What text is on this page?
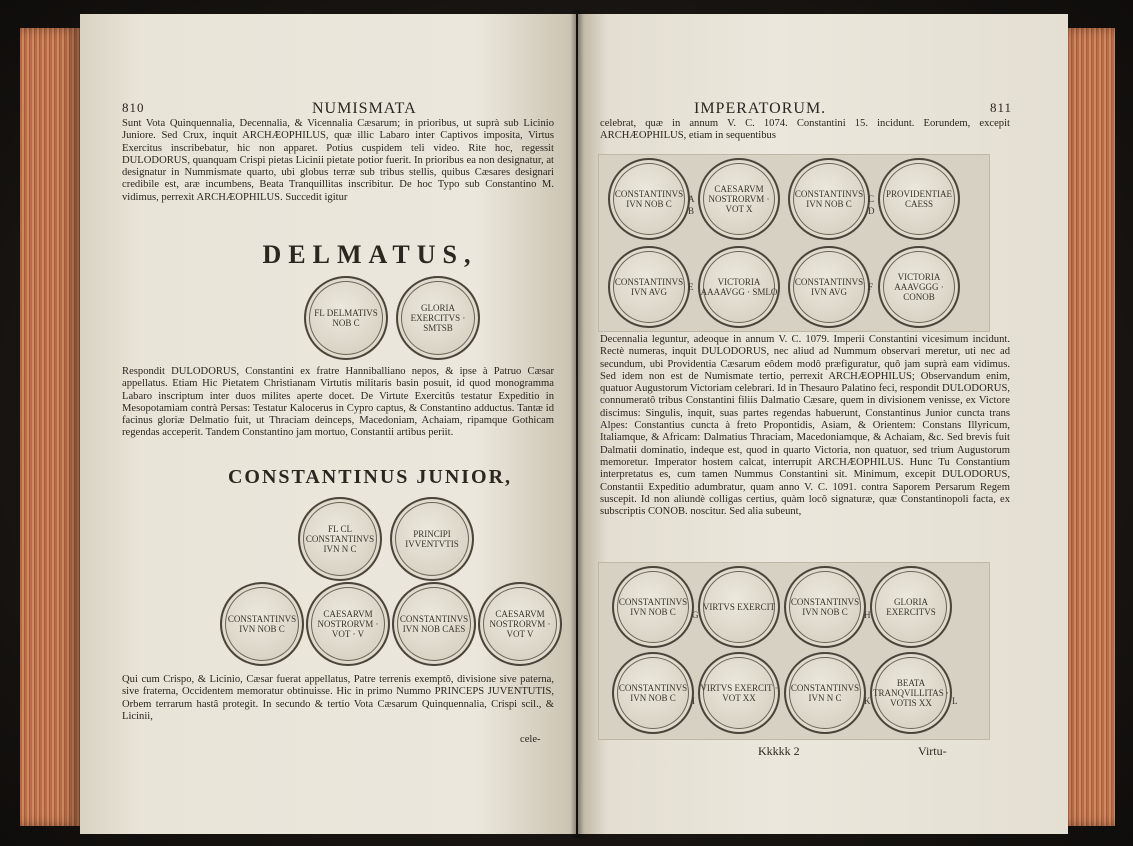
810	NUMISMATA

Sunt Vota Quinquennalia, Decennalia, & Vicennalia Cæsarum; in prioribus, ut suprà sub Licinio Juniore. Sed Crux, inquit ARCHÆOPHILUS, quæ illic Labaro inter Captivos imposita, Virtus Exercitus inscribebatur, hic non apparet. Potius cuspidem teli video. Rite hoc, regessit DULODORUS, quanquam Crispi pietas Licinii pietate potior fuerit. In prioribus ea non designatur, at designatur in Nummismate quarto, ubi globus terræ sub tribus stellis, quibus Cæsares designari credibile est, aræ incumbens, Beata Tranquillitas inscribitur. De hoc Typo sub Constantino M. vidimus, perrexit ARCHÆOPHILUS. Succedit igitur

DELMATUS,
FL DELMATIVS NOB C
GLORIA EXERCITVS · SMTSB

Respondit DULODORUS, Constantini ex fratre Hanniballiano nepos, & ipse à Patruo Cæsar appellatus. Etiam Hic Pietatem Christianam Virtutis militaris basin posuit, id quod monogramma Labaro inscriptum inter duos milites aperte docet. De Virtute Exercitûs testatur Expeditio in Mesopotamiam contrà Persas: Testatur Kalocerus in Cypro captus, & Constantino adductus. Tantæ id facinus gloriæ Delmatio fuit, ut Thraciam deinceps, Macedoniam, Achaiam, ripamque Gothicam regendas acceperit. Tandem Constantino jam mortuo, Constantii artibus periit.

CONSTANTINUS JUNIOR,
FL CL CONSTANTINVS IVN N C
PRINCIPI IVVENTVTIS
CONSTANTINVS IVN NOB C
CAESARVM NOSTRORVM · VOT · V
CONSTANTINVS IVN NOB CAES
CAESARVM NOSTRORVM · VOT V

Qui cum Crispo, & Licinio, Cæsar fuerat appellatus, Patre terrenis exemptô, divisione sive paterna, sive fraterna, Occidentem memoratur obtinuisse. Hic in primo Nummo PRINCEPS JUVENTUTIS, Orbem terrarum hastâ protegit. In secundo & tertio Vota Cæsarum Quinquennalia, Crispi scil., & Licinii,

cele-
IMPERATORUM.	811

celebrat, quæ in annum V. C. 1074. Constantini 15. incidunt. Eorundem, excepit ARCHÆOPHILUS, etiam in sequentibus

CONSTANTINVS IVN NOB C
CAESARVM NOSTRORVM · VOT X
CONSTANTINVS IVN NOB C
PROVIDENTIAE CAESS
CONSTANTINVS IVN AVG
VICTORIA AAAAVGG · SMLO
CONSTANTINVS IVN AVG
VICTORIA AAAVGGG · CONOB
A
B
C
D
E	F

Decennalia leguntur, adeoque in annum V. C. 1079. Imperii Constantini vicesimum incidunt. Rectè numeras, inquit DULODORUS, nec aliud ad Nummum observari meretur, uti nec ad secundum, ubi Providentia Cæsarum eôdem modô præfiguratur, quô jam suprà eam vidimus. Sed idem non est de Numismate tertio, perrexit ARCHÆOPHILUS; Observandum enim, quatuor Augustorum Victoriam celebrari. Id in Thesauro Palatino feci, respondit DULODORUS, connumeratô tribus Constantini filiis Dalmatio Cæsare, quem in divisionem venisse, ex Victore discimus: Singulis, inquit, suas partes regendas habuerunt, Constantinus Junior cuncta trans Alpes: Constantius cuncta à freto Propontidis, Asiam, & Orientem: Constans Illyricum, Italiamque, & Africam: Dalmatius Thraciam, Macedoniamque, & Achaiam, &c. Sed brevis fuit Dalmatii dominatio, indeque est, quod in quarto Victoria, non quatuor, sed trium Augustorum memoretur. Imperator hostem calcat, interrupit ARCHÆOPHILUS. Hunc Tu Constantium interpretatus es, cum tamen Nummus Constantini sit. Minimum, excepit DULODORUS, Constantii Expeditio adumbratur, quam anno V. C. 1091. contra Saporem Persarum Regem suscepit. Id non aliundè colligas certius, quàm locô signaturæ, quæ Constantinopoli facta, ex subscriptis CONOB. noscitur. Sed alia subeunt,

CONSTANTINVS IVN NOB C	VIRTVS EXERCIT	CONSTANTINVS IVN NOB C
GLORIA EXERCITVS
CONSTANTINVS IVN NOB C
VIRTVS EXERCIT · VOT XX
CONSTANTINVS IVN N C
BEATA TRANQVILLITAS · VOTIS XX
G	H
I	K	L
Kkkkk 2	Virtu-
